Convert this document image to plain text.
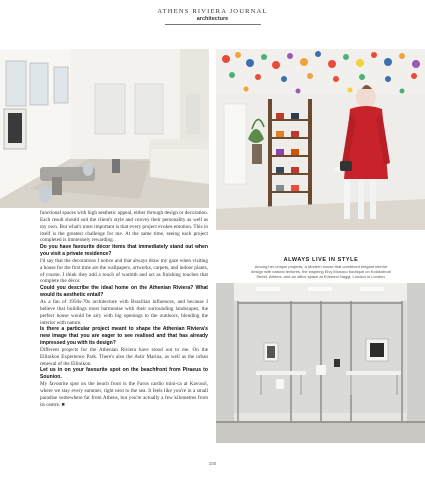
ATHENS RIVIERA JOURNAL
architecture
ALWAYS LIVE IN STYLE
Among her unique projects, a Modern house that combined elegant interior design with natural textures, the inspiring Elvy Monaco boutique on Kolokotroni Street, Athens, and an office space at Edmund Naggi, London in London.

functional spaces with high aesthetic appeal, either through design or decoration. Each result should suit the client's style and convey their personality as well as my own. But what's most important is that every project evokes emotion. This in itself is the greatest challenge for me. At the same time, seeing each project completed is immensely rewarding.

Do you have favourite décor items that immediately stand out when you visit a private residence?

I'd say that the decorations I notice and that always draw my gaze when visiting a house for the first time are the wallpapers, artworks, carpets, and indoor plants, of course. I think they add a touch of warmth and act as finishing touches that complete the décor.

Could you describe the ideal home on the Athenian Riviera? What would its aesthetic entail?

As a fan of 1950s-70s architecture with Brazilian influences, and because I believe that buildings must harmonise with their surrounding landscapes, the perfect house would be airy with big openings to the outdoors, blending the interior with nature.

Is there a particular project meant to shape the Athenian Riviera's new image that you are eager to see realised and that has already impressed you with its design?

Different projects for the Athenian Riviera have stood out to me. On the Ellinikon Experience Park. There's also the Astir Marina, as well as the urban renewal of the Ellinikon.

Let us in on your favourite spot on the beachfront from Piraeus to Sounion.

My favourite spot on the beach front is the Faros cardio mini-ca at Kavouri, where we stay every summer, right next to the sea. It feels like you're in a small paradise somewhere far from Athens, but you're actually a few kilometres from its centre. ■

100
